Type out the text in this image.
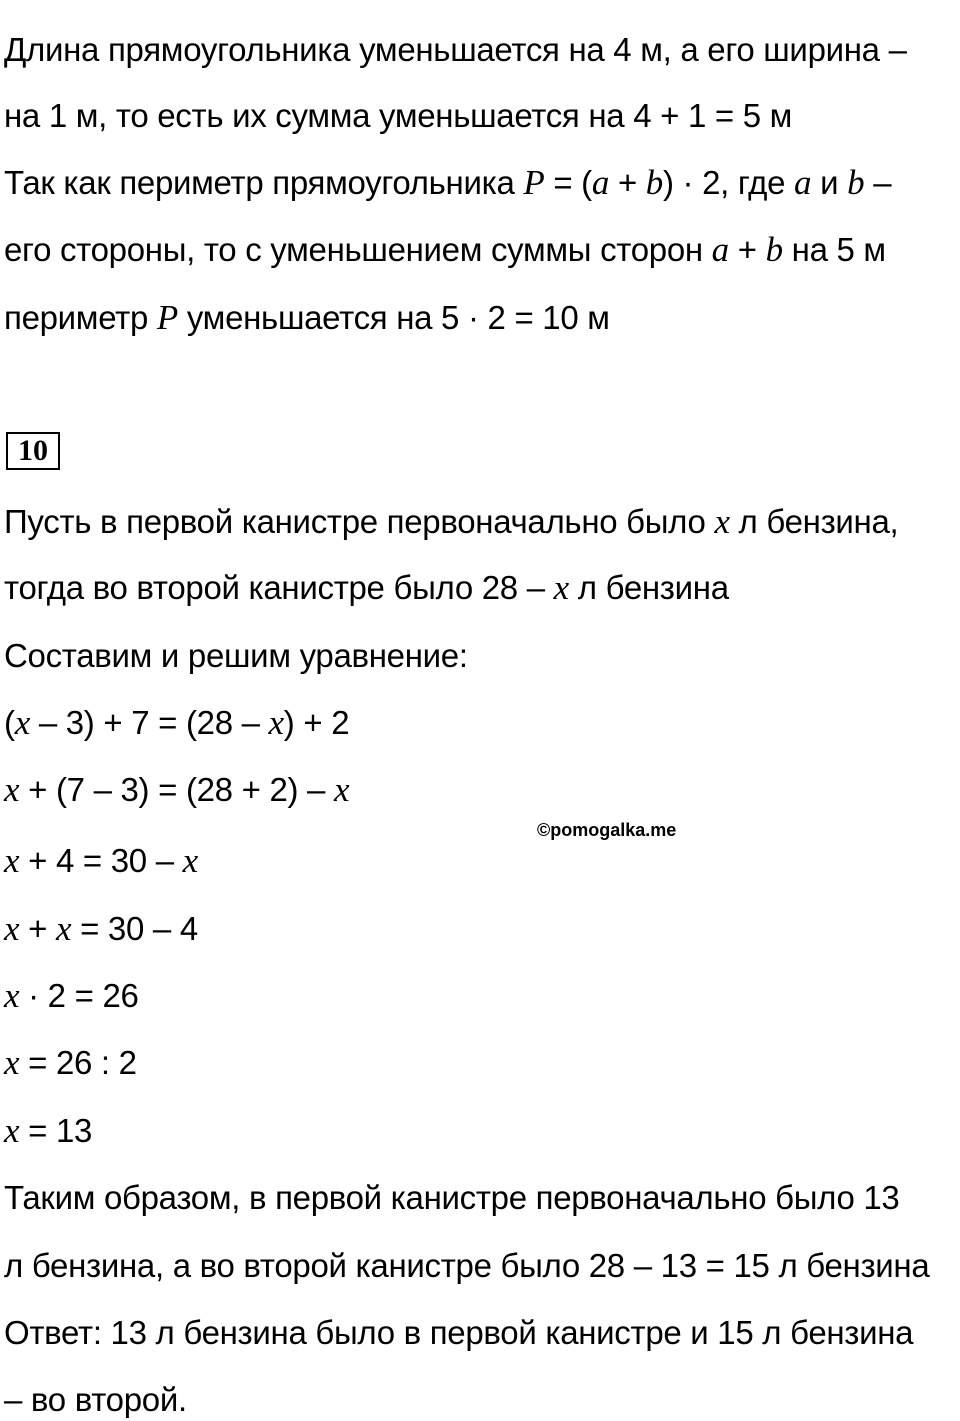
Длина прямоугольника уменьшается на 4 м, а его ширина –
на 1 м, то есть их сумма уменьшается на 4 + 1 = 5 м
Так как периметр прямоугольника P = (a + b) · 2, где a и b –
его стороны, то с уменьшением суммы сторон a + b на 5 м
периметр P уменьшается на 5 · 2 = 10 м
10
Пусть в первой канистре первоначально было x л бензина,
тогда во второй канистре было 28 – x л бензина
Составим и решим уравнение:
(x – 3) + 7 = (28 – x) + 2
x + (7 – 3) = (28 + 2) – x
x + 4 = 30 – x
x + x = 30 – 4
x · 2 = 26
x = 26 : 2
x = 13
Таким образом, в первой канистре первоначально было 13
л бензина, а во второй канистре было 28 – 13 = 15 л бензина
Ответ: 13 л бензина было в первой канистре и 15 л бензина
– во второй.
©pomogalka.me
